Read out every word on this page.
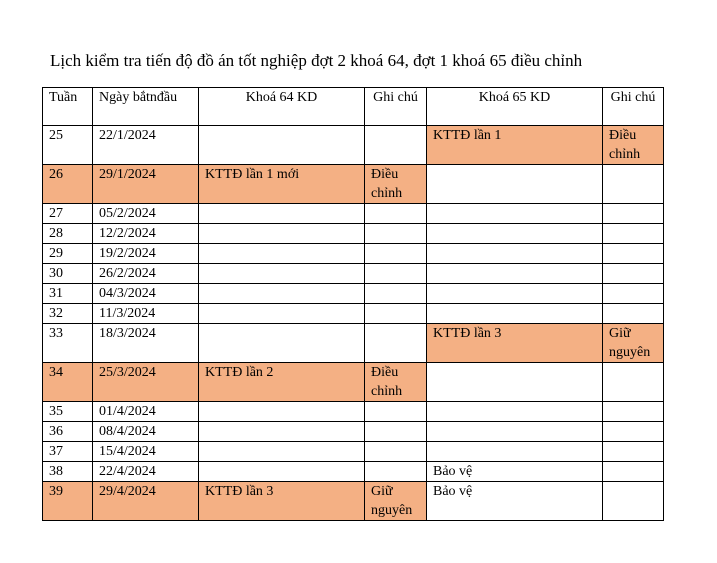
Lịch kiểm tra tiến độ đồ án tốt nghiệp đợt 2 khoá 64, đợt 1 khoá 65 điều chỉnh
Tuần	Ngày bắtnđầu	Khoá 64 KD	Ghi chú	Khoá 65 KD	Ghi chú
25	22/1/2024			KTTĐ lần 1	Điều chỉnh
26	29/1/2024	KTTĐ lần 1 mới	Điều chỉnh		
27	05/2/2024				
28	12/2/2024				
29	19/2/2024				
30	26/2/2024				
31	04/3/2024				
32	11/3/2024				
33	18/3/2024			KTTĐ lần 3	Giữ nguyên
34	25/3/2024	KTTĐ lần 2	Điều chỉnh		
35	01/4/2024				
36	08/4/2024				
37	15/4/2024				
38	22/4/2024			Bảo vệ	
39	29/4/2024	KTTĐ lần 3	Giữ nguyên	Bảo vệ	
